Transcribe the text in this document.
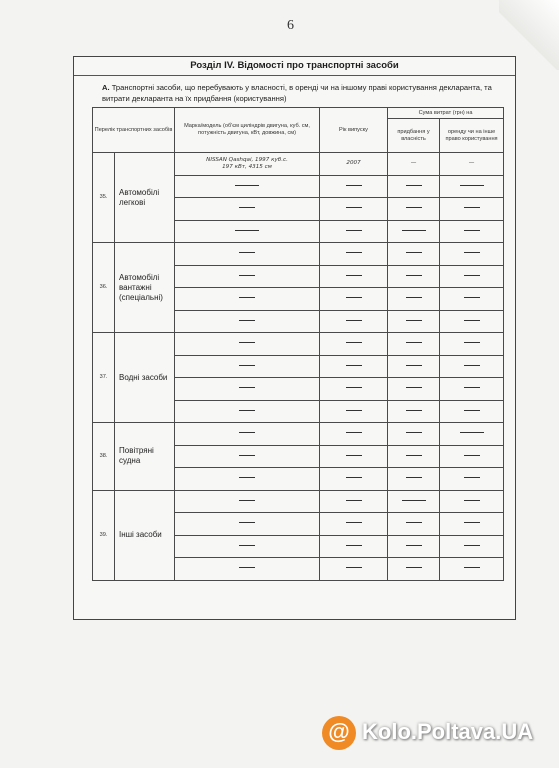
6
Розділ IV. Відомості про транспортні засоби
А. Транспортні засоби, що перебувають у власності, в оренді чи на іншому праві користування декларанта, та витрати декларанта на їх придбання (користування)
Перелік транспортних засобів		Марка/модель (об'єм циліндрів двигуна, куб. см, потужність двигуна, кВт, довжина, см)	Рік випуску	Сума витрат (грн) на	
				придбання у власність	оренду чи на інше право користування
35.	Автомобілі легкові	NISSAN Qashqai, 1997 куб.с.
197 кВт, 4315 см	2007	—	—

36.	Автомобілі вантажні (спеціальні)				

37.	Водні засоби				

38.	Повітряні судна				

39.	Інші засоби				

@ Kolo.Poltava.UA
